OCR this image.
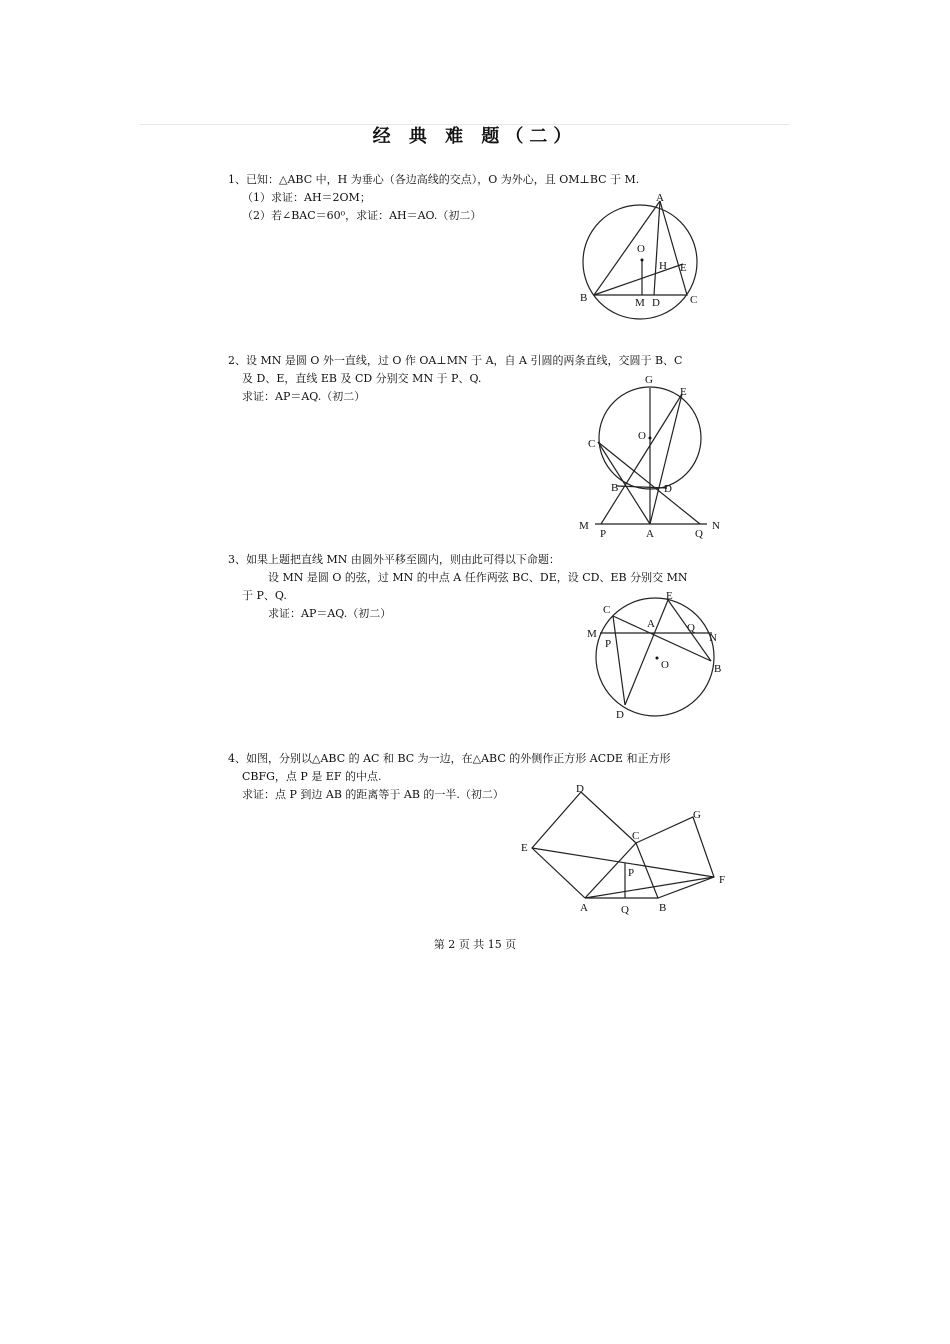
经 典 难 题（二）
1、已知：△ABC 中，H 为垂心（各边高线的交点），O 为外心，且 OM⊥BC 于 M.
（1）求证：AH＝2OM；
（2）若∠BAC＝60⁰，求证：AH＝AO.（初二）
A
O
H E
B	M D	C
2、设 MN 是圆 O 外一直线，过 O 作 OA⊥MN 于 A，自 A 引圆的两条直线，交圆于 B、C
及 D、E，直线 EB 及 CD 分别交 MN 于 P、Q.
求证：AP＝AQ.（初二）
G
E
O
C
B	D
M
P	A	Q
N
3、如果上题把直线 MN 由圆外平移至圆内，则由此可得以下命题：
设 MN 是圆 O 的弦，过 MN 的中点 A 任作两弦 BC、DE，设 CD、EB 分别交 MN
于 P、Q.
求证：AP＝AQ.（初二）	C
E
A	Q
M	N
P
O	B
D
4、如图，分别以△ABC 的 AC 和 BC 为一边，在△ABC 的外侧作正方形 ACDE 和正方形
CBFG，点 P 是 EF 的中点.
求证：点 P 到边 AB 的距离等于 AB 的一半.（初二）	D
G
C
E
F
P
A	Q	B
第 2 页 共 15 页
